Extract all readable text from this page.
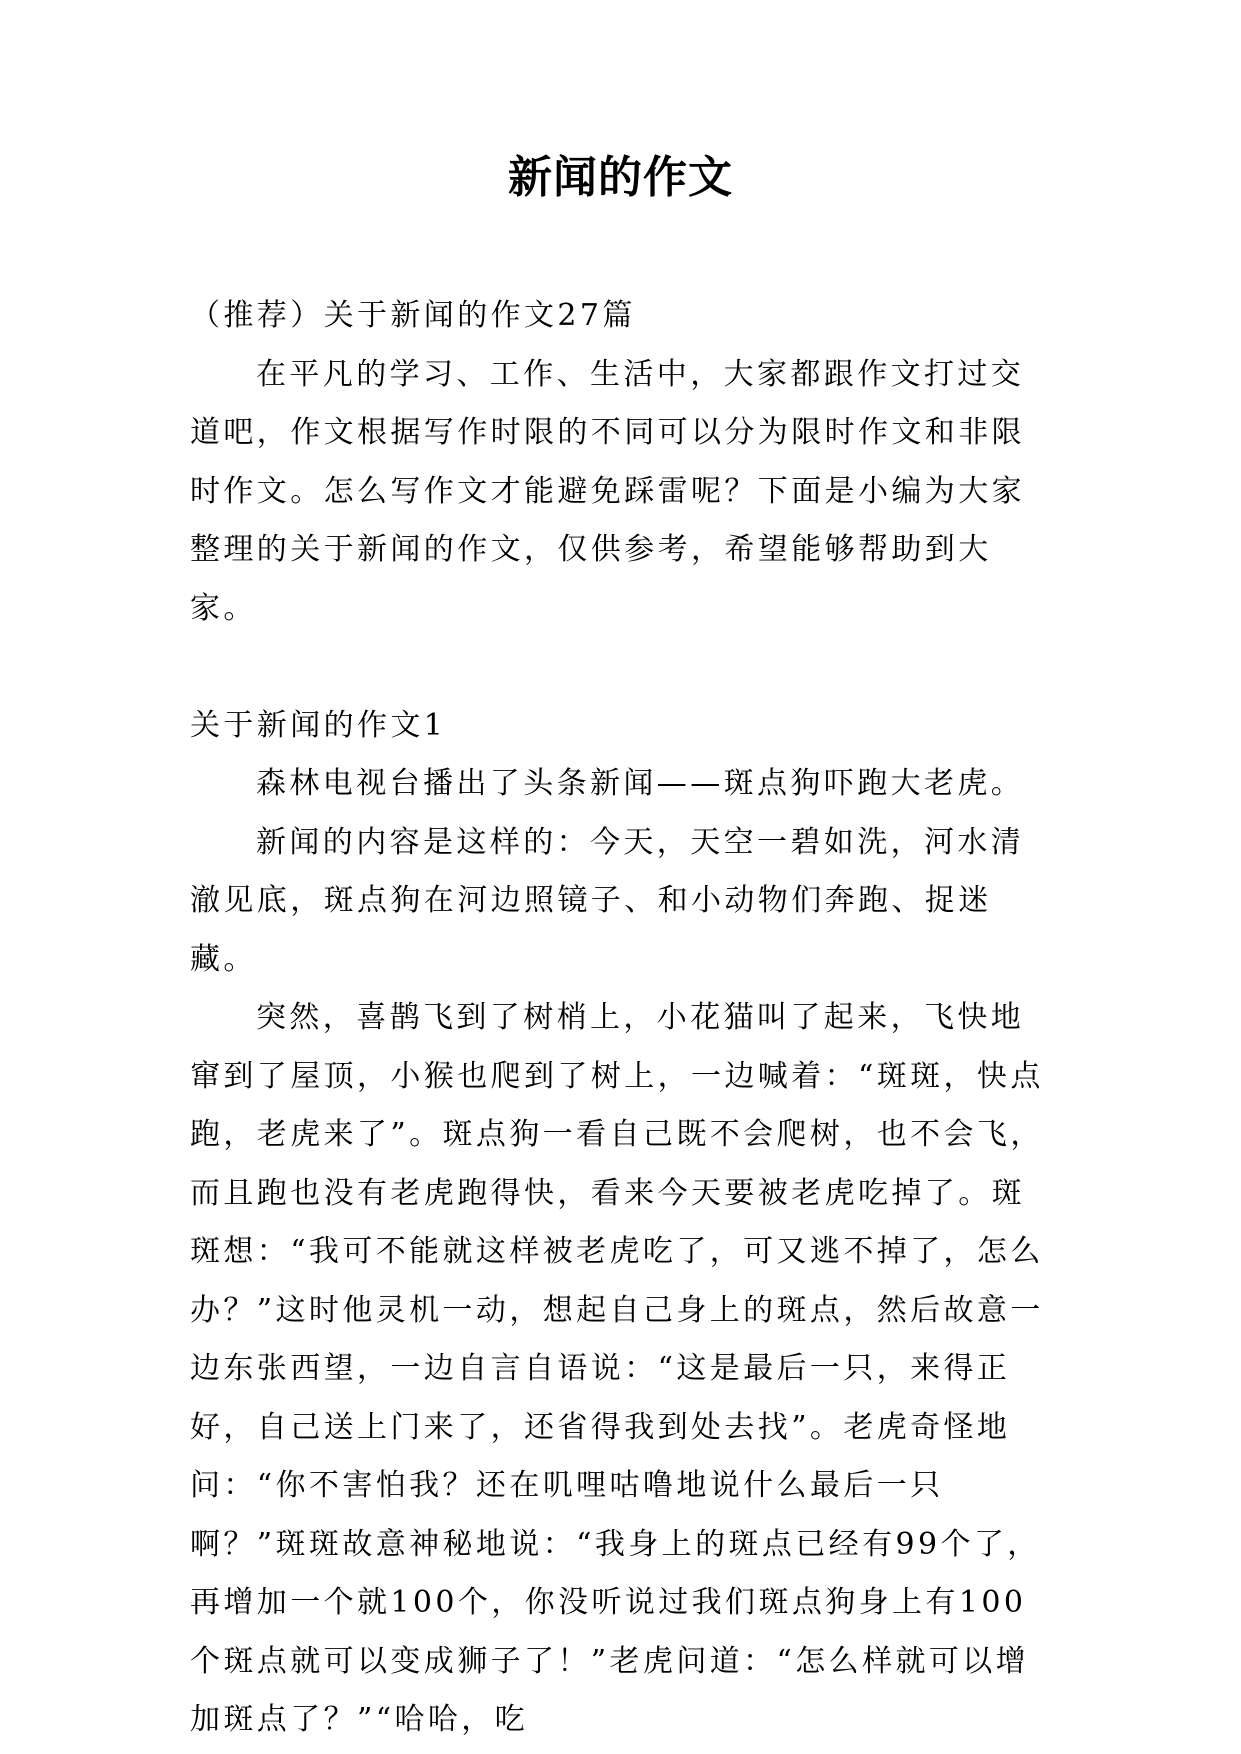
新闻的作文

（推荐）关于新闻的作文27篇

在平凡的学习、工作、生活中，大家都跟作文打过交道吧，作文根据写作时限的不同可以分为限时作文和非限时作文。怎么写作文才能避免踩雷呢？下面是小编为大家整理的关于新闻的作文，仅供参考，希望能够帮助到大家。

关于新闻的作文1

森林电视台播出了头条新闻——斑点狗吓跑大老虎。

新闻的内容是这样的：今天，天空一碧如洗，河水清澈见底，斑点狗在河边照镜子、和小动物们奔跑、捉迷藏。

突然，喜鹊飞到了树梢上，小花猫叫了起来，飞快地窜到了屋顶，小猴也爬到了树上，一边喊着：“斑斑，快点跑，老虎来了”。斑点狗一看自己既不会爬树，也不会飞，而且跑也没有老虎跑得快，看来今天要被老虎吃掉了。斑斑想：“我可不能就这样被老虎吃了，可又逃不掉了，怎么办？”这时他灵机一动，想起自己身上的斑点，然后故意一边东张西望，一边自言自语说：“这是最后一只，来得正好，自己送上门来了，还省得我到处去找”。老虎奇怪地问：“你不害怕我？还在叽哩咕噜地说什么最后一只啊？”斑斑故意神秘地说：“我身上的斑点已经有99个了，再增加一个就100个，你没听说过我们斑点狗身上有100个斑点就可以变成狮子了！”老虎问道：“怎么样就可以增加斑点了？”“哈哈，吃
